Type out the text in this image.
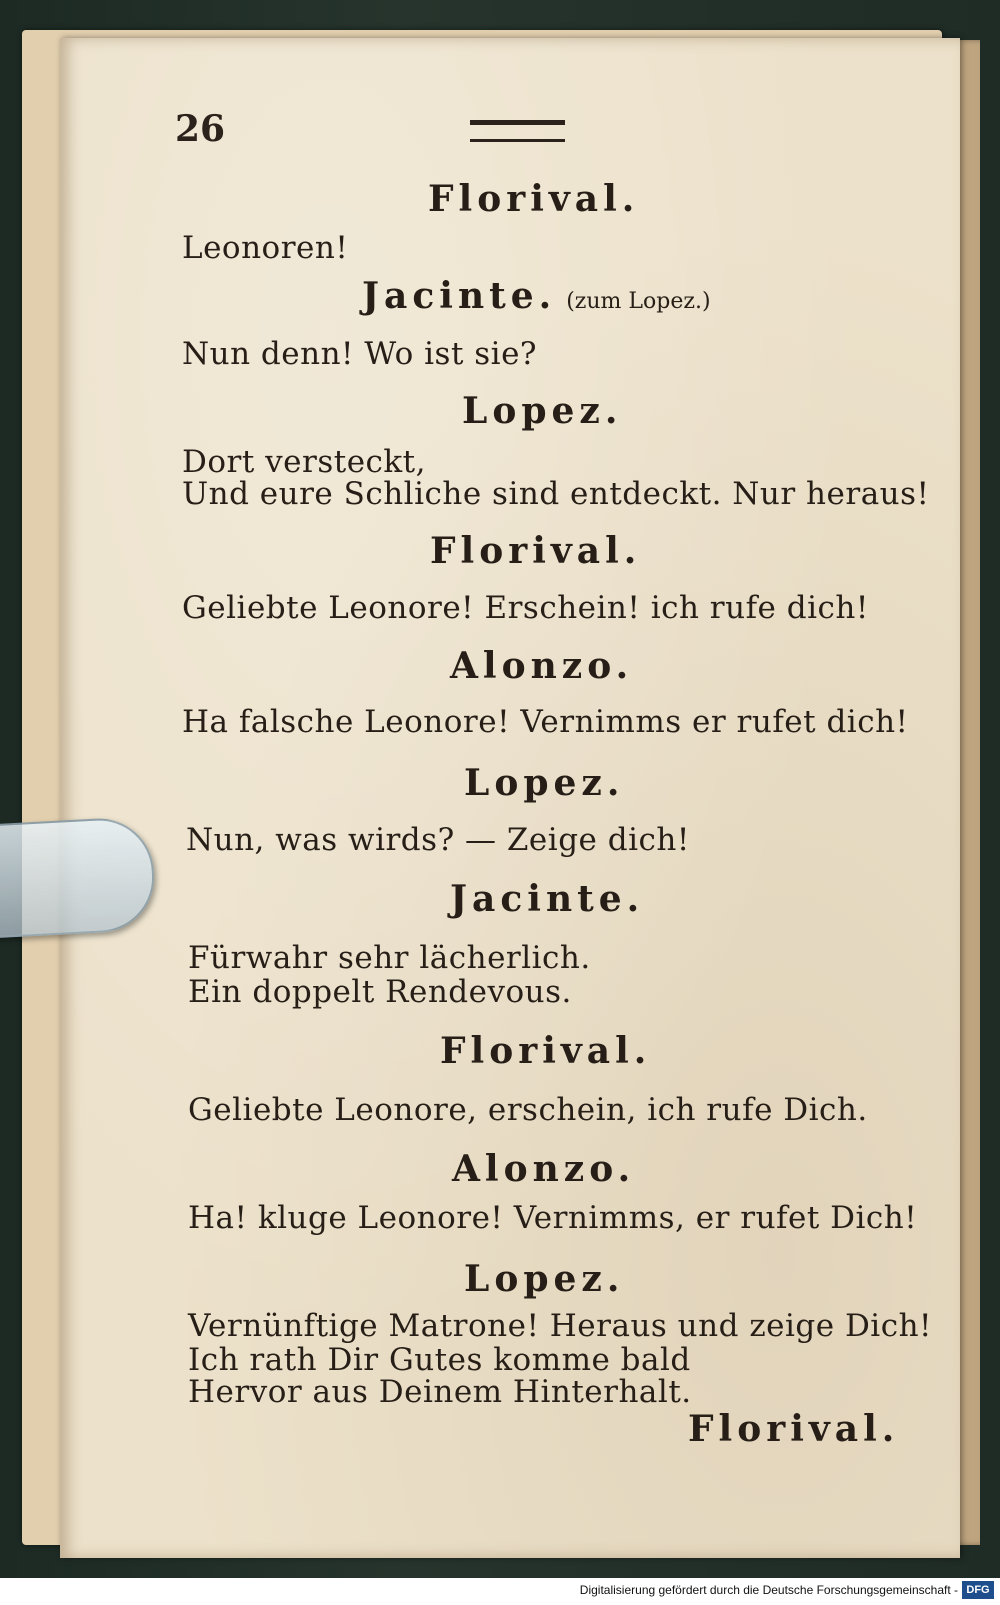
26
Florival.
Leonoren!
Jacinte. (zum Lopez.)
Nun denn! Wo ist sie?
Lopez.
Dort versteckt,
Und eure Schliche sind entdeckt. Nur heraus!
Florival.
Geliebte Leonore! Erschein! ich rufe dich!
Alonzo.
Ha falsche Leonore! Vernimms er rufet dich!
Lopez.
Nun, was wirds? — Zeige dich!
Jacinte.
Fürwahr sehr lächerlich.
Ein doppelt Rendevous.
Florival.
Geliebte Leonore, erschein, ich rufe Dich.
Alonzo.
Ha! kluge Leonore! Vernimms, er rufet Dich!
Lopez.
Vernünftige Matrone! Heraus und zeige Dich!
Ich rath Dir Gutes komme bald
Hervor aus Deinem Hinterhalt.
Florival.
Digitalisierung gefördert durch die Deutsche Forschungsgemeinschaft - DFG
